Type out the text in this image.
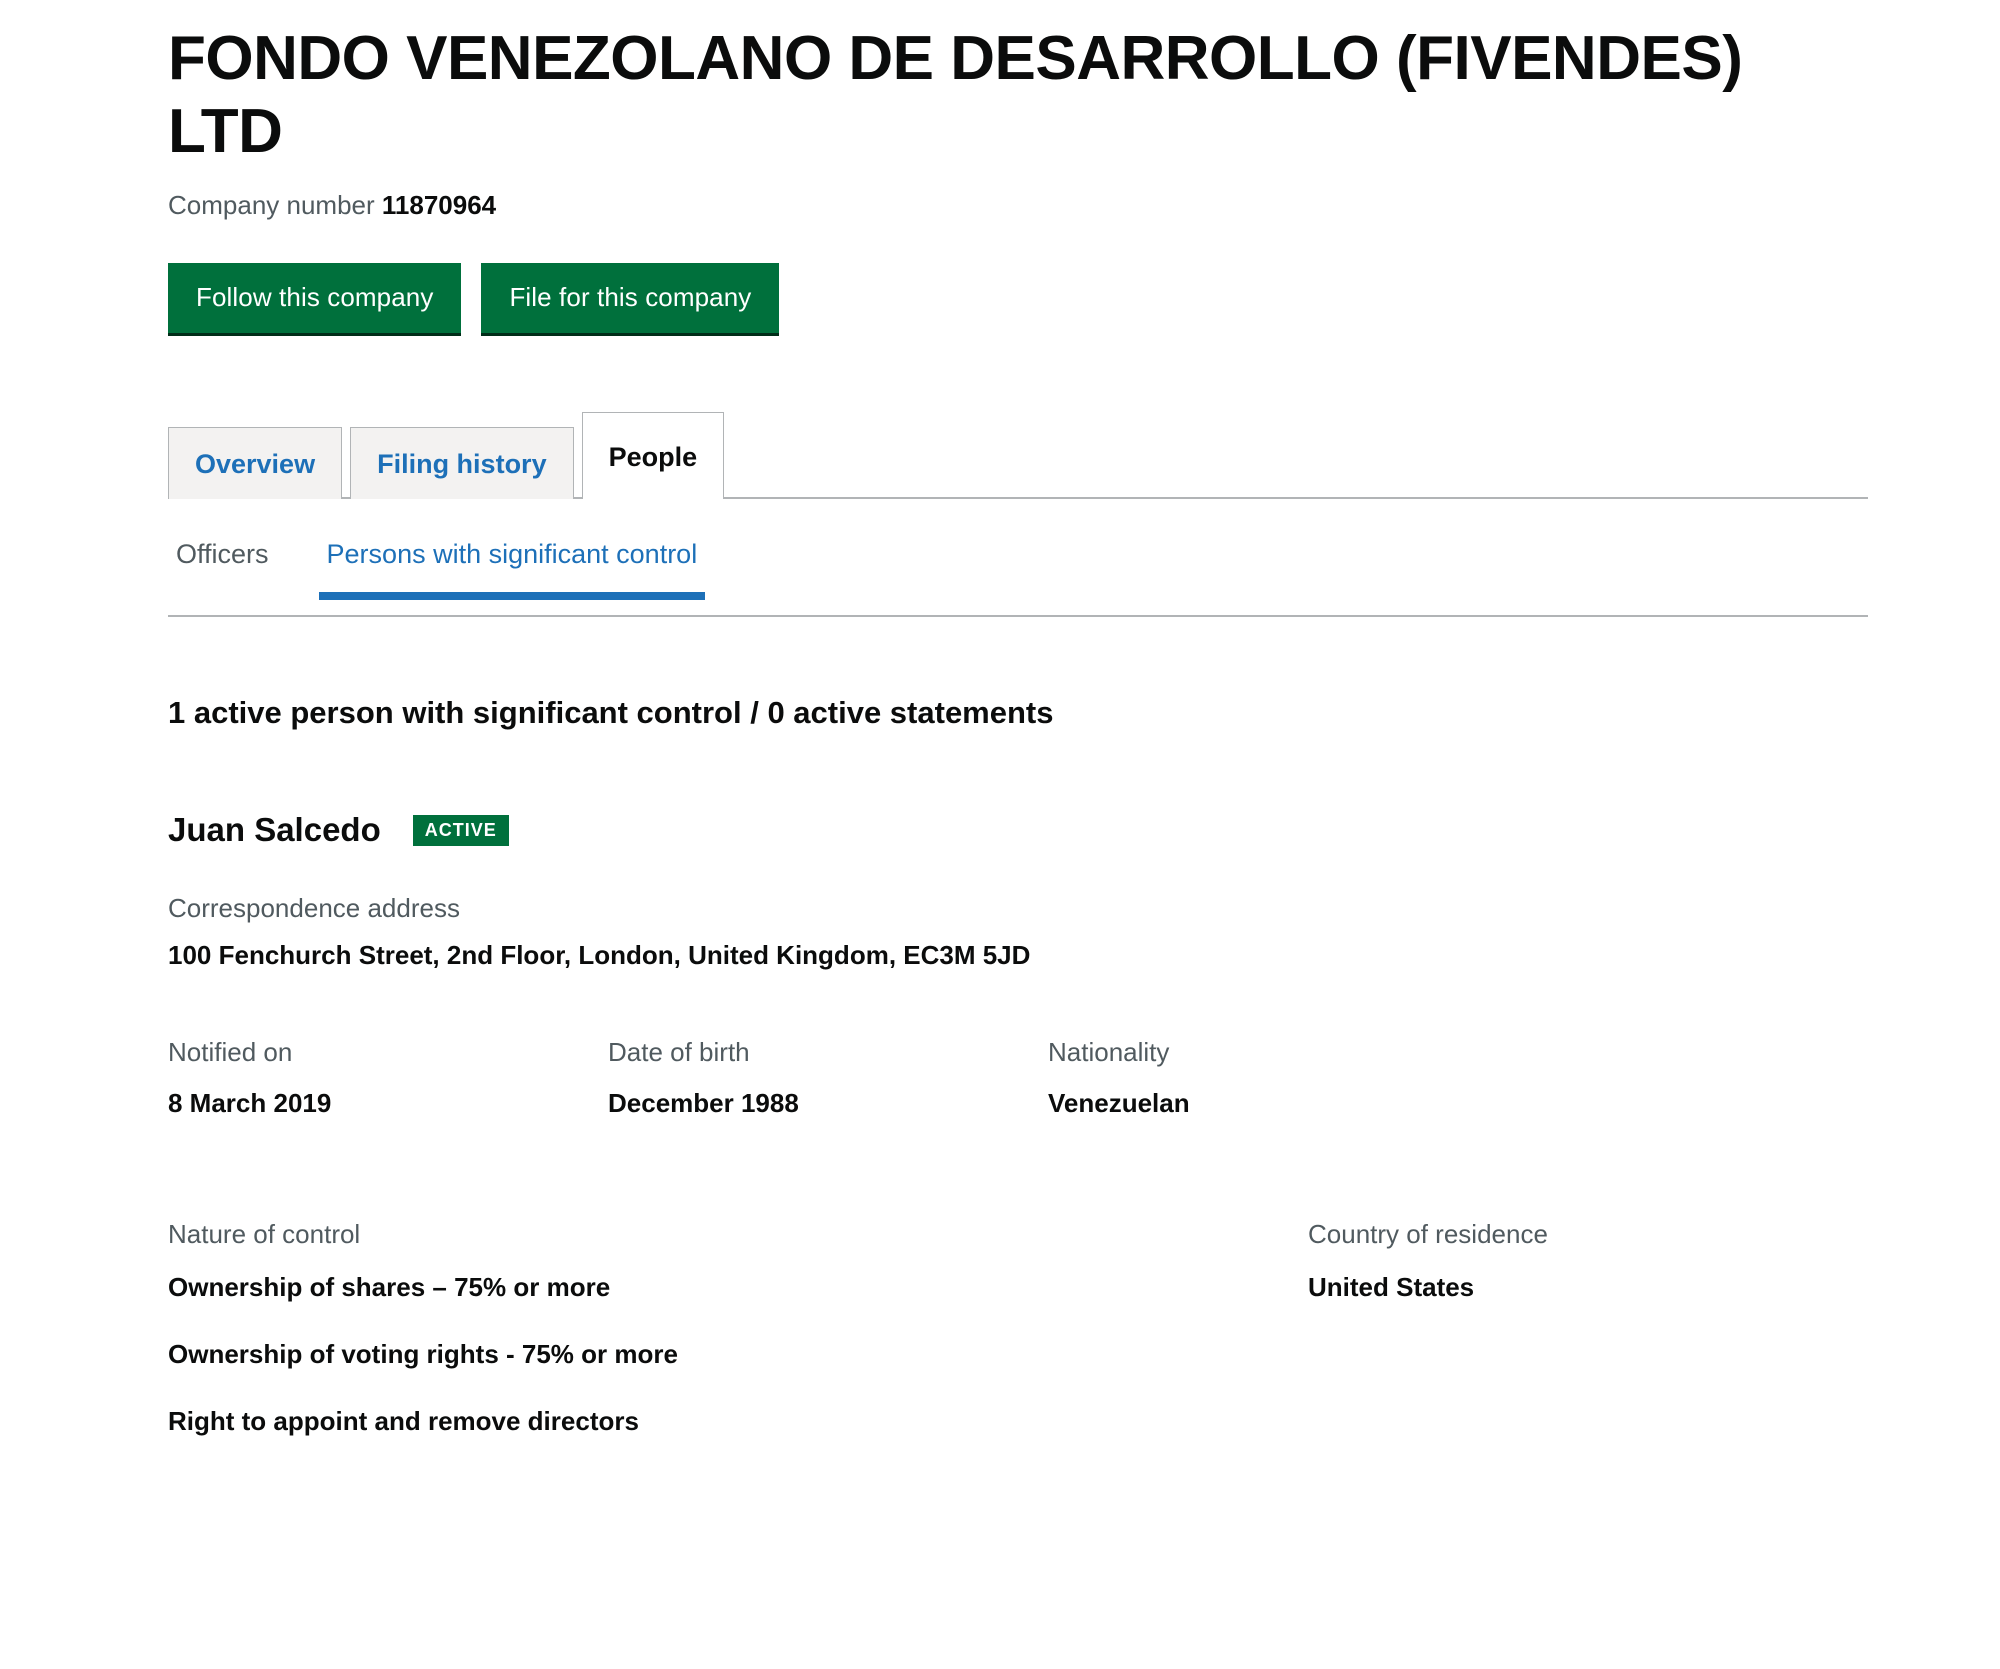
FONDO VENEZOLANO DE DESARROLLO (FIVENDES) LTD
Company number 11870964
Follow this company	File for this company
Overview	Filing history	People
Officers Persons with significant control
1 active person with significant control / 0 active statements
Juan Salcedo	ACTIVE
Correspondence address
100 Fenchurch Street, 2nd Floor, London, United Kingdom, EC3M 5JD
Notified on
8 March 2019
Date of birth
December 1988
Nationality
Venezuelan
Nature of control
Ownership of shares – 75% or more
Ownership of voting rights - 75% or more
Right to appoint and remove directors
Country of residence
United States
